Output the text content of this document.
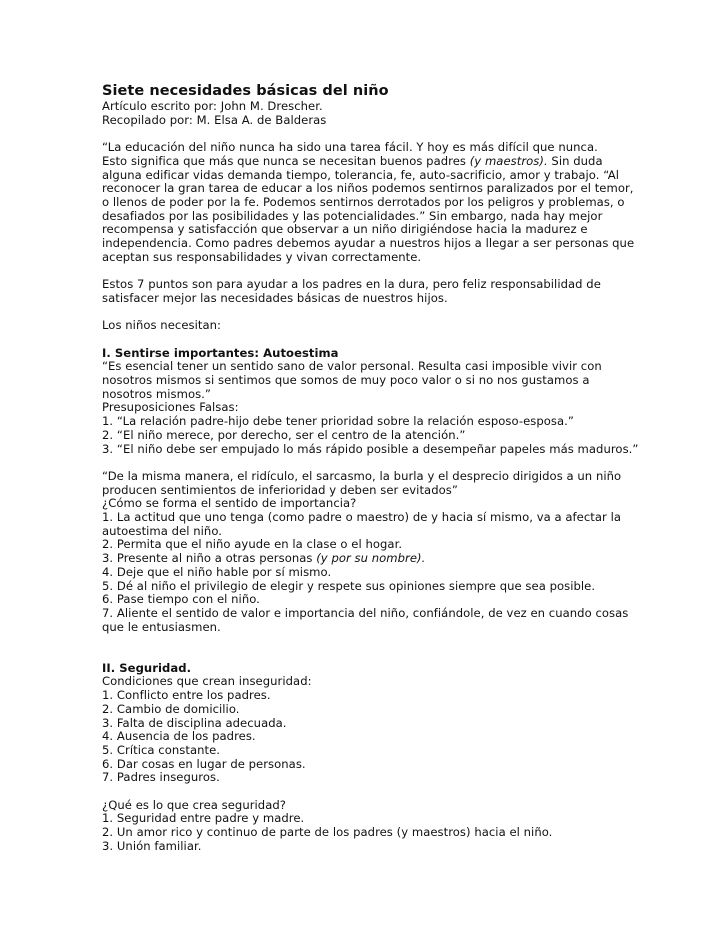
Siete necesidades básicas del niño
Artículo escrito por: John M. Drescher.
Recopilado por: M. Elsa A. de Balderas
“La educación del niño nunca ha sido una tarea fácil. Y hoy es más difícil que nunca.
Esto significa que más que nunca se necesitan buenos padres (y maestros). Sin duda
alguna edificar vidas demanda tiempo, tolerancia, fe, auto-sacrificio, amor y trabajo. “Al
reconocer la gran tarea de educar a los niños podemos sentirnos paralizados por el temor,
o llenos de poder por la fe. Podemos sentirnos derrotados por los peligros y problemas, o
desafiados por las posibilidades y las potencialidades.” Sin embargo, nada hay mejor
recompensa y satisfacción que observar a un niño dirigiéndose hacia la madurez e
independencia. Como padres debemos ayudar a nuestros hijos a llegar a ser personas que
aceptan sus responsabilidades y vivan correctamente.
Estos 7 puntos son para ayudar a los padres en la dura, pero feliz responsabilidad de
satisfacer mejor las necesidades básicas de nuestros hijos.
Los niños necesitan:
I. Sentirse importantes: Autoestima
“Es esencial tener un sentido sano de valor personal. Resulta casi imposible vivir con
nosotros mismos si sentimos que somos de muy poco valor o si no nos gustamos a
nosotros mismos.”
Presuposiciones Falsas:
1. “La relación padre-hijo debe tener prioridad sobre la relación esposo-esposa.”
2. “El niño merece, por derecho, ser el centro de la atención.”
3. “El niño debe ser empujado lo más rápido posible a desempeñar papeles más maduros.”
“De la misma manera, el ridículo, el sarcasmo, la burla y el desprecio dirigidos a un niño
producen sentimientos de inferioridad y deben ser evitados”
¿Cómo se forma el sentido de importancia?
1. La actitud que uno tenga (como padre o maestro) de y hacia sí mismo, va a afectar la
autoestima del niño.
2. Permita que el niño ayude en la clase o el hogar.
3. Presente al niño a otras personas (y por su nombre).
4. Deje que el niño hable por sí mismo.
5. Dé al niño el privilegio de elegir y respete sus opiniones siempre que sea posible.
6. Pase tiempo con el niño.
7. Aliente el sentido de valor e importancia del niño, confiándole, de vez en cuando cosas
que le entusiasmen.
II. Seguridad.
Condiciones que crean inseguridad:
1. Conflicto entre los padres.
2. Cambio de domicilio.
3. Falta de disciplina adecuada.
4. Ausencia de los padres.
5. Crítica constante.
6. Dar cosas en lugar de personas.
7. Padres inseguros.
¿Qué es lo que crea seguridad?
1. Seguridad entre padre y madre.
2. Un amor rico y continuo de parte de los padres (y maestros) hacia el niño.
3. Unión familiar.
